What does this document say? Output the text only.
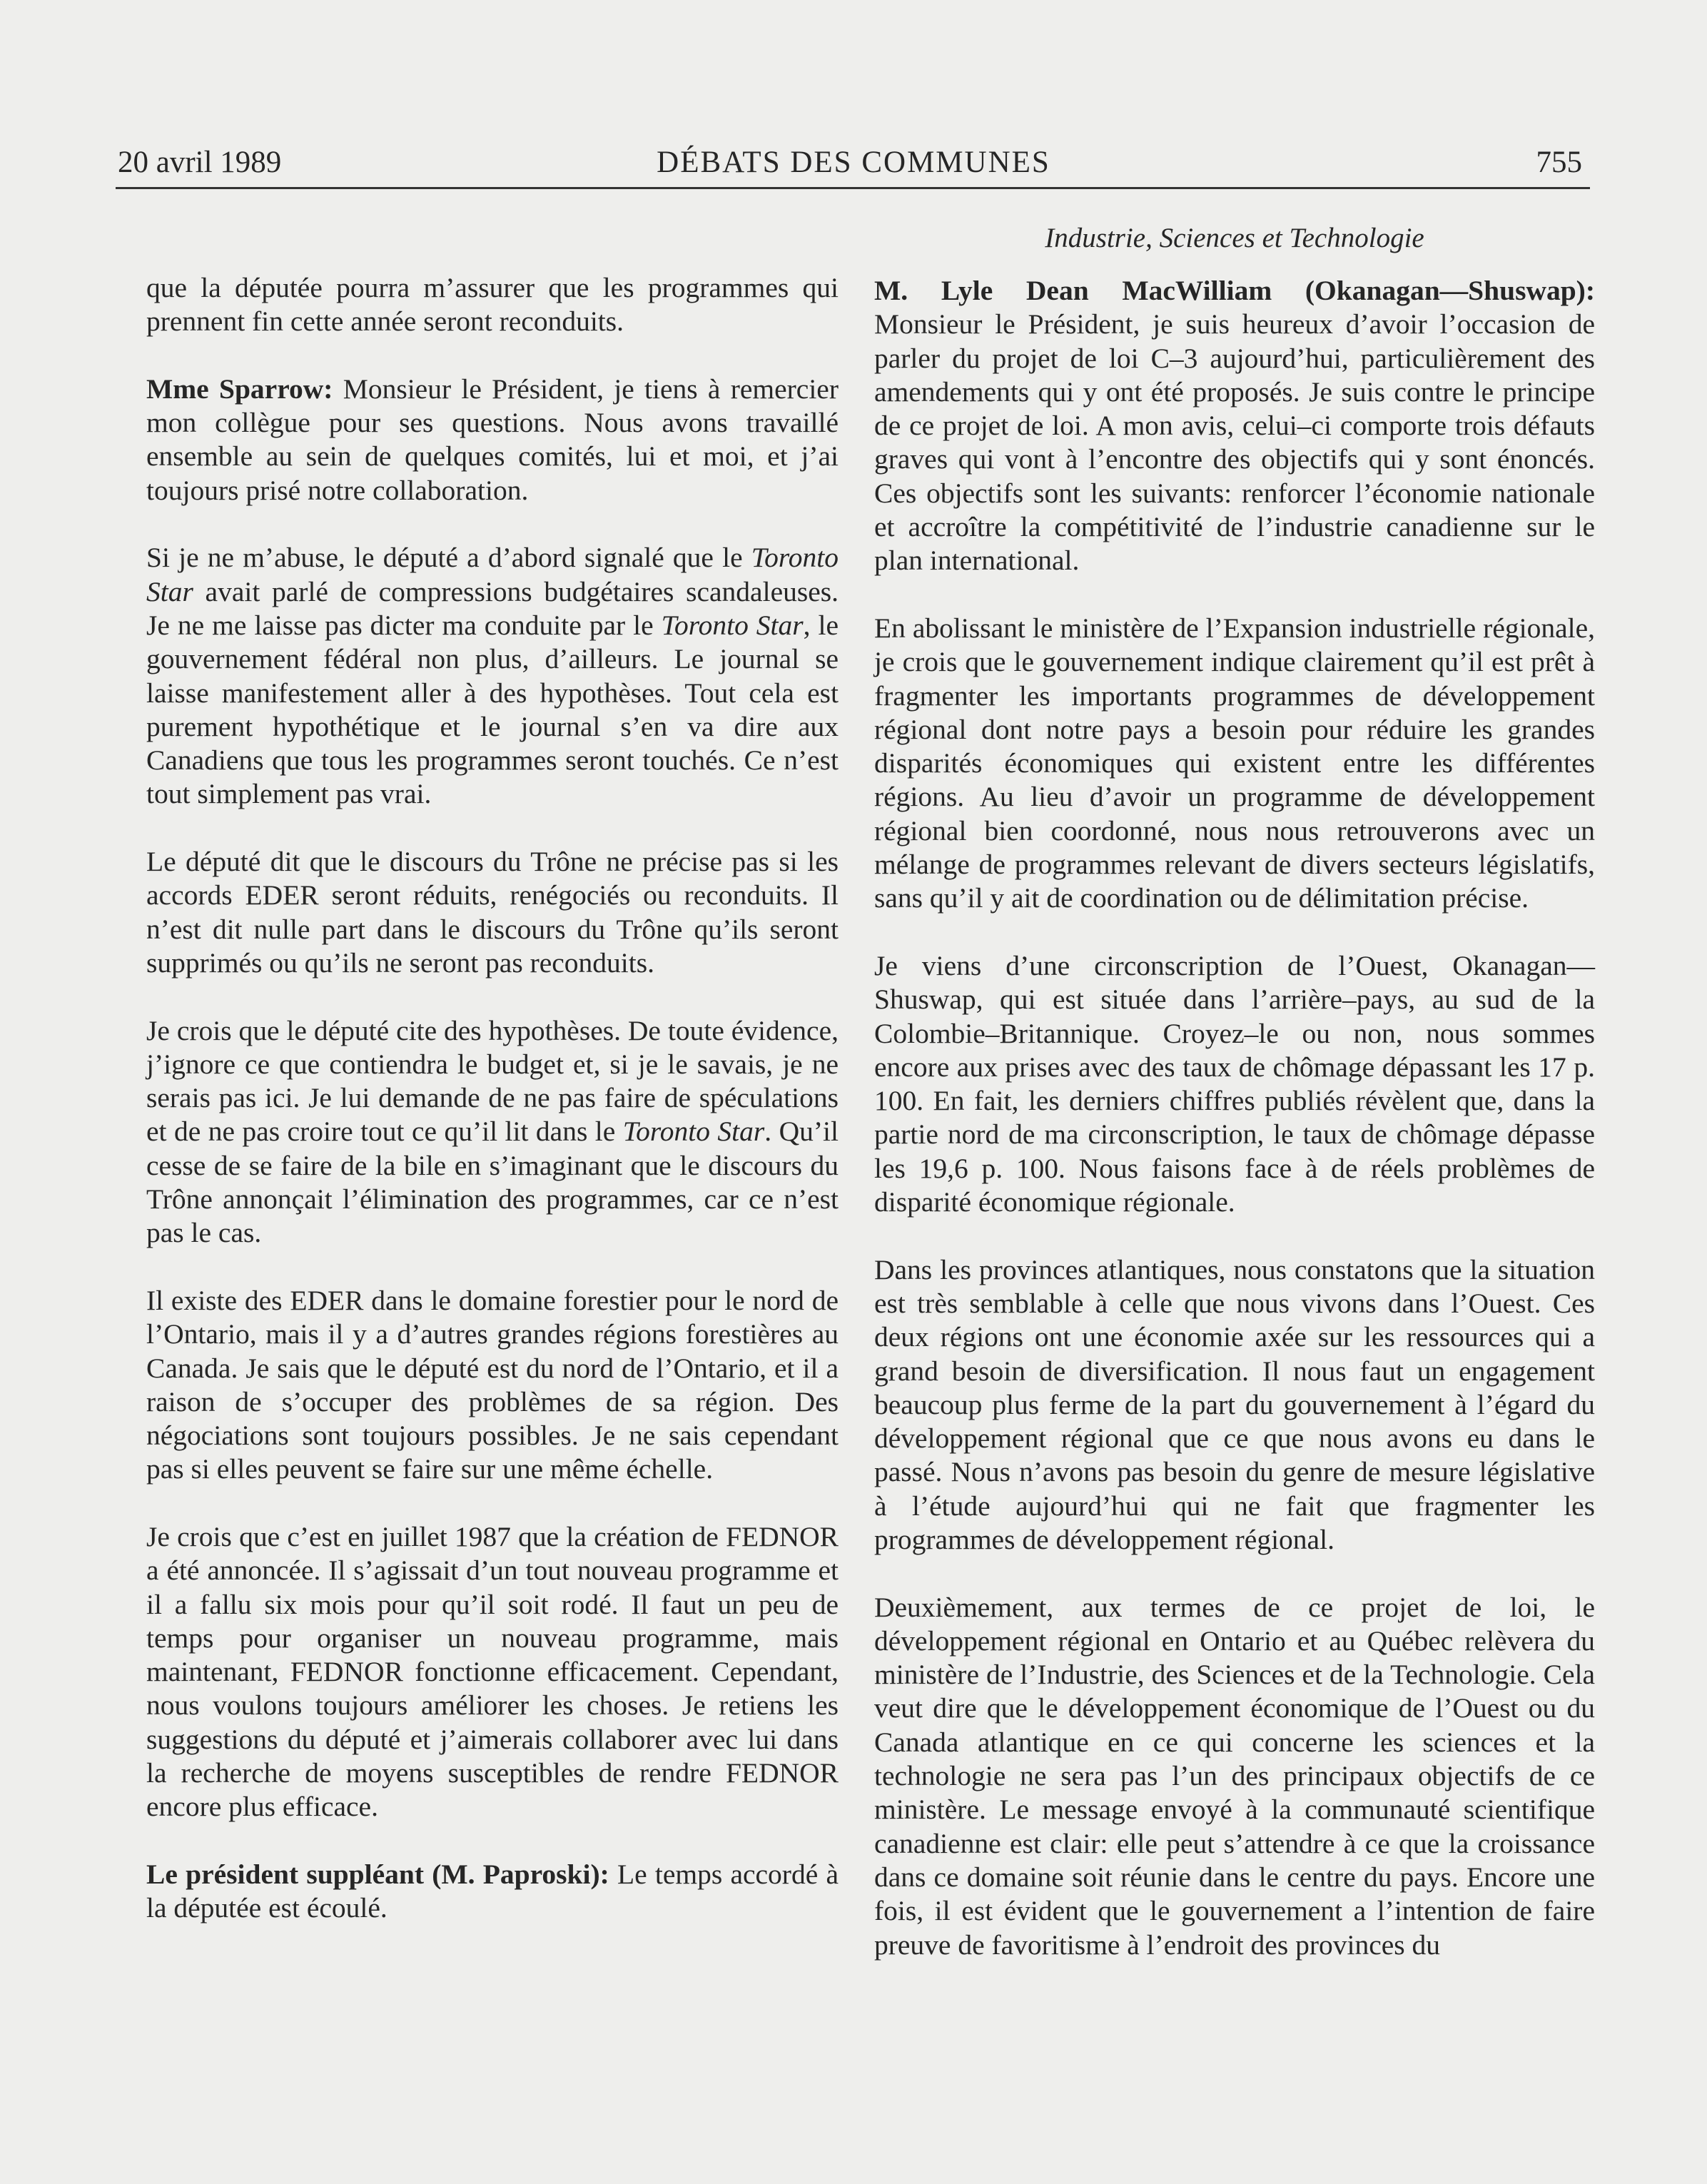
20 avril 1989	DÉBATS DES COMMUNES	755

que la députée pourra m’assurer que les programmes qui prennent fin cette année seront reconduits.

Mme Sparrow: Monsieur le Président, je tiens à remercier mon collègue pour ses questions. Nous avons travaillé ensemble au sein de quelques comités, lui et moi, et j’ai toujours prisé notre collaboration.

Si je ne m’abuse, le député a d’abord signalé que le Toronto Star avait parlé de compressions budgétaires scandaleuses. Je ne me laisse pas dicter ma conduite par le Toronto Star, le gouvernement fédéral non plus, d’ailleurs. Le journal se laisse manifestement aller à des hypothèses. Tout cela est purement hypothétique et le journal s’en va dire aux Canadiens que tous les programmes seront touchés. Ce n’est tout simplement pas vrai.

Le député dit que le discours du Trône ne précise pas si les accords EDER seront réduits, renégociés ou reconduits. Il n’est dit nulle part dans le discours du Trône qu’ils seront supprimés ou qu’ils ne seront pas reconduits.

Je crois que le député cite des hypothèses. De toute évidence, j’ignore ce que contiendra le budget et, si je le savais, je ne serais pas ici. Je lui demande de ne pas faire de spéculations et de ne pas croire tout ce qu’il lit dans le Toronto Star. Qu’il cesse de se faire de la bile en s’imaginant que le discours du Trône annonçait l’élimination des programmes, car ce n’est pas le cas.

Il existe des EDER dans le domaine forestier pour le nord de l’Ontario, mais il y a d’autres grandes régions forestières au Canada. Je sais que le député est du nord de l’Ontario, et il a raison de s’occuper des problèmes de sa région. Des négociations sont toujours possibles. Je ne sais cependant pas si elles peuvent se faire sur une même échelle.

Je crois que c’est en juillet 1987 que la création de FEDNOR a été annoncée. Il s’agissait d’un tout nouveau programme et il a fallu six mois pour qu’il soit rodé. Il faut un peu de temps pour organiser un nouveau programme, mais maintenant, FEDNOR fonctionne efficacement. Cependant, nous voulons toujours améliorer les choses. Je retiens les suggestions du député et j’aimerais collaborer avec lui dans la recherche de moyens susceptibles de rendre FEDNOR encore plus efficace.

Le président suppléant (M. Paproski): Le temps accordé à la députée est écoulé.

Industrie, Sciences et Technologie

M. Lyle Dean MacWilliam (Okanagan—Shuswap): Monsieur le Président, je suis heureux d’avoir l’occasion de parler du projet de loi C–3 aujourd’hui, particulièrement des amendements qui y ont été proposés. Je suis contre le principe de ce projet de loi. A mon avis, celui–ci comporte trois défauts graves qui vont à l’encontre des objectifs qui y sont énoncés. Ces objectifs sont les suivants: renforcer l’économie nationale et accroître la compétitivité de l’industrie canadienne sur le plan international.

En abolissant le ministère de l’Expansion industrielle régionale, je crois que le gouvernement indique clairement qu’il est prêt à fragmenter les importants programmes de développement régional dont notre pays a besoin pour réduire les grandes disparités économiques qui existent entre les différentes régions. Au lieu d’avoir un programme de développement régional bien coordonné, nous nous retrouverons avec un mélange de programmes relevant de divers secteurs législatifs, sans qu’il y ait de coordination ou de délimitation précise.

Je viens d’une circonscription de l’Ouest, Okanagan—Shuswap, qui est située dans l’arrière–pays, au sud de la Colombie–Britannique. Croyez–le ou non, nous sommes encore aux prises avec des taux de chômage dépassant les 17 p. 100. En fait, les derniers chiffres publiés révèlent que, dans la partie nord de ma circonscription, le taux de chômage dépasse les 19,6 p. 100. Nous faisons face à de réels problèmes de disparité économique régionale.

Dans les provinces atlantiques, nous constatons que la situation est très semblable à celle que nous vivons dans l’Ouest. Ces deux régions ont une économie axée sur les ressources qui a grand besoin de diversification. Il nous faut un engagement beaucoup plus ferme de la part du gouvernement à l’égard du développement régional que ce que nous avons eu dans le passé. Nous n’avons pas besoin du genre de mesure législative à l’étude aujourd’hui qui ne fait que fragmenter les programmes de développement régional.

Deuxièmement, aux termes de ce projet de loi, le développement régional en Ontario et au Québec relèvera du ministère de l’Industrie, des Sciences et de la Technologie. Cela veut dire que le développement économique de l’Ouest ou du Canada atlantique en ce qui concerne les sciences et la technologie ne sera pas l’un des principaux objectifs de ce ministère. Le message envoyé à la communauté scientifique canadienne est clair: elle peut s’attendre à ce que la croissance dans ce domaine soit réunie dans le centre du pays. Encore une fois, il est évident que le gouvernement a l’intention de faire preuve de favoritisme à l’endroit des provinces du
